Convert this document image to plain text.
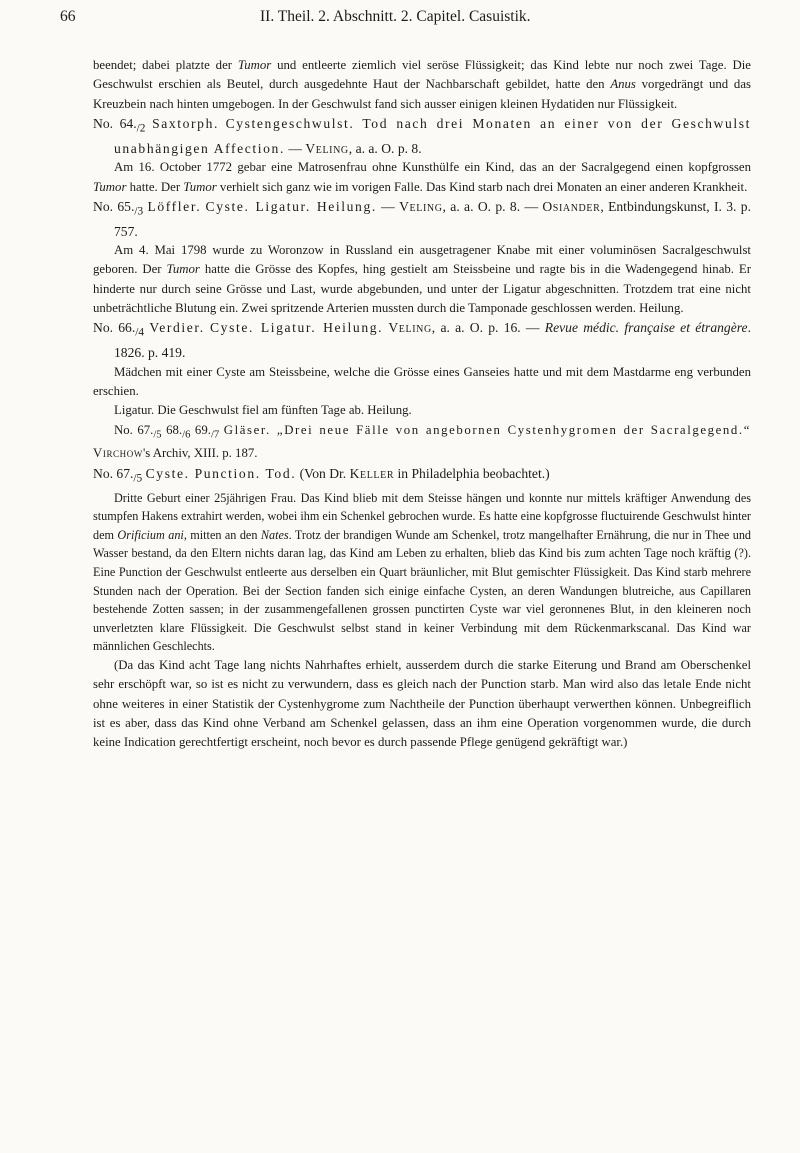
66	II. Theil. 2. Abschnitt. 2. Capitel. Casuistik.

beendet; dabei platzte der Tumor und entleerte ziemlich viel seröse Flüssigkeit; das Kind lebte nur noch zwei Tage. Die Geschwulst erschien als Beutel, durch ausgedehnte Haut der Nachbarschaft gebildet, hatte den Anus vorgedrängt und das Kreuzbein nach hinten umgebogen. In der Geschwulst fand sich ausser einigen kleinen Hydatiden nur Flüssigkeit.

No. $64._{/2}$ Saxtorph. Cystengeschwulst. Tod nach drei Monaten an einer von der Geschwulst unabhängigen Affection. — Veling, a. a. O. p. 8.

Am 16. October 1772 gebar eine Matrosenfrau ohne Kunsthülfe ein Kind, das an der Sacralgegend einen kopfgrossen Tumor hatte. Der Tumor verhielt sich ganz wie im vorigen Falle. Das Kind starb nach drei Monaten an einer anderen Krankheit.

No. $65._{/3}$ Löffler. Cyste. Ligatur. Heilung. — Veling, a. a. O. p. 8. — Osiander, Entbindungskunst, I. 3. p. 757.

Am 4. Mai 1798 wurde zu Woronzow in Russland ein ausgetragener Knabe mit einer voluminösen Sacralgeschwulst geboren. Der Tumor hatte die Grösse des Kopfes, hing gestielt am Steissbeine und ragte bis in die Wadengegend hinab. Er hinderte nur durch seine Grösse und Last, wurde abgebunden, und unter der Ligatur abgeschnitten. Trotzdem trat eine nicht unbeträchtliche Blutung ein. Zwei spritzende Arterien mussten durch die Tamponade geschlossen werden. Heilung.

No. $66._{/4}$ Verdier. Cyste. Ligatur. Heilung. Veling, a. a. O. p. 16. — Revue médic. française et étrangère. 1826. p. 419.

Mädchen mit einer Cyste am Steissbeine, welche die Grösse eines Ganseies hatte und mit dem Mastdarme eng verbunden erschien.

Ligatur. Die Geschwulst fiel am fünften Tage ab. Heilung.

No. $67._{/5}$ $68._{/6}$ $69._{/7}$ Gläser. „Drei neue Fälle von angebornen Cystenhygromen der Sacralgegend.“ Virchow's Archiv, XIII. p. 187.

No. $67._{/5}$ Cyste. Punction. Tod. (Von Dr. Keller in Philadelphia beobachtet.)

Dritte Geburt einer 25jährigen Frau. Das Kind blieb mit dem Steisse hängen und konnte nur mittels kräftiger Anwendung des stumpfen Hakens extrahirt werden, wobei ihm ein Schenkel gebrochen wurde. Es hatte eine kopfgrosse fluctuirende Geschwulst hinter dem Orificium ani, mitten an den Nates. Trotz der brandigen Wunde am Schenkel, trotz mangelhafter Ernährung, die nur in Thee und Wasser bestand, da den Eltern nichts daran lag, das Kind am Leben zu erhalten, blieb das Kind bis zum achten Tage noch kräftig (?). Eine Punction der Geschwulst entleerte aus derselben ein Quart bräunlicher, mit Blut gemischter Flüssigkeit. Das Kind starb mehrere Stunden nach der Operation. Bei der Section fanden sich einige einfache Cysten, an deren Wandungen blutreiche, aus Capillaren bestehende Zotten sassen; in der zusammengefallenen grossen punctirten Cyste war viel geronnenes Blut, in den kleineren noch unverletzten klare Flüssigkeit. Die Geschwulst selbst stand in keiner Verbindung mit dem Rückenmarkscanal. Das Kind war männlichen Geschlechts.

(Da das Kind acht Tage lang nichts Nahrhaftes erhielt, ausserdem durch die starke Eiterung und Brand am Oberschenkel sehr erschöpft war, so ist es nicht zu verwundern, dass es gleich nach der Punction starb. Man wird also das letale Ende nicht ohne weiteres in einer Statistik der Cystenhygrome zum Nachtheile der Punction überhaupt verwerthen können. Unbegreiflich ist es aber, dass das Kind ohne Verband am Schenkel gelassen, dass an ihm eine Operation vorgenommen wurde, die durch keine Indication gerechtfertigt erscheint, noch bevor es durch passende Pflege genügend gekräftigt war.)
